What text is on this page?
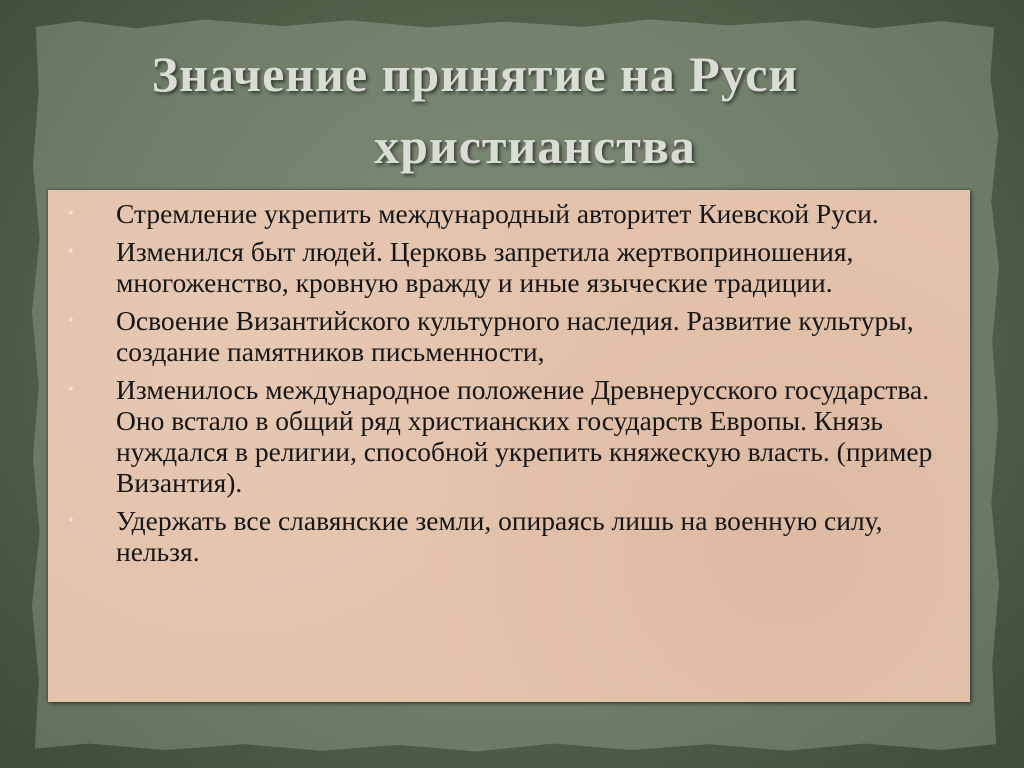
Значение принятие на Руси
христианства
• Стремление укрепить международный авторитет Киевской Руси.
• Изменился быт людей. Церковь запретила жертвоприношения, многоженство, кровную вражду и иные языческие традиции.
• Освоение Византийского культурного наследия. Развитие культуры, создание памятников письменности,
• Изменилось международное положение Древнерусского государства. Оно встало в общий ряд христианских государств Европы. Князь нуждался в религии, способной укрепить княжескую власть. (пример Византия).
• Удержать все славянские земли, опираясь лишь на военную силу, нельзя.
